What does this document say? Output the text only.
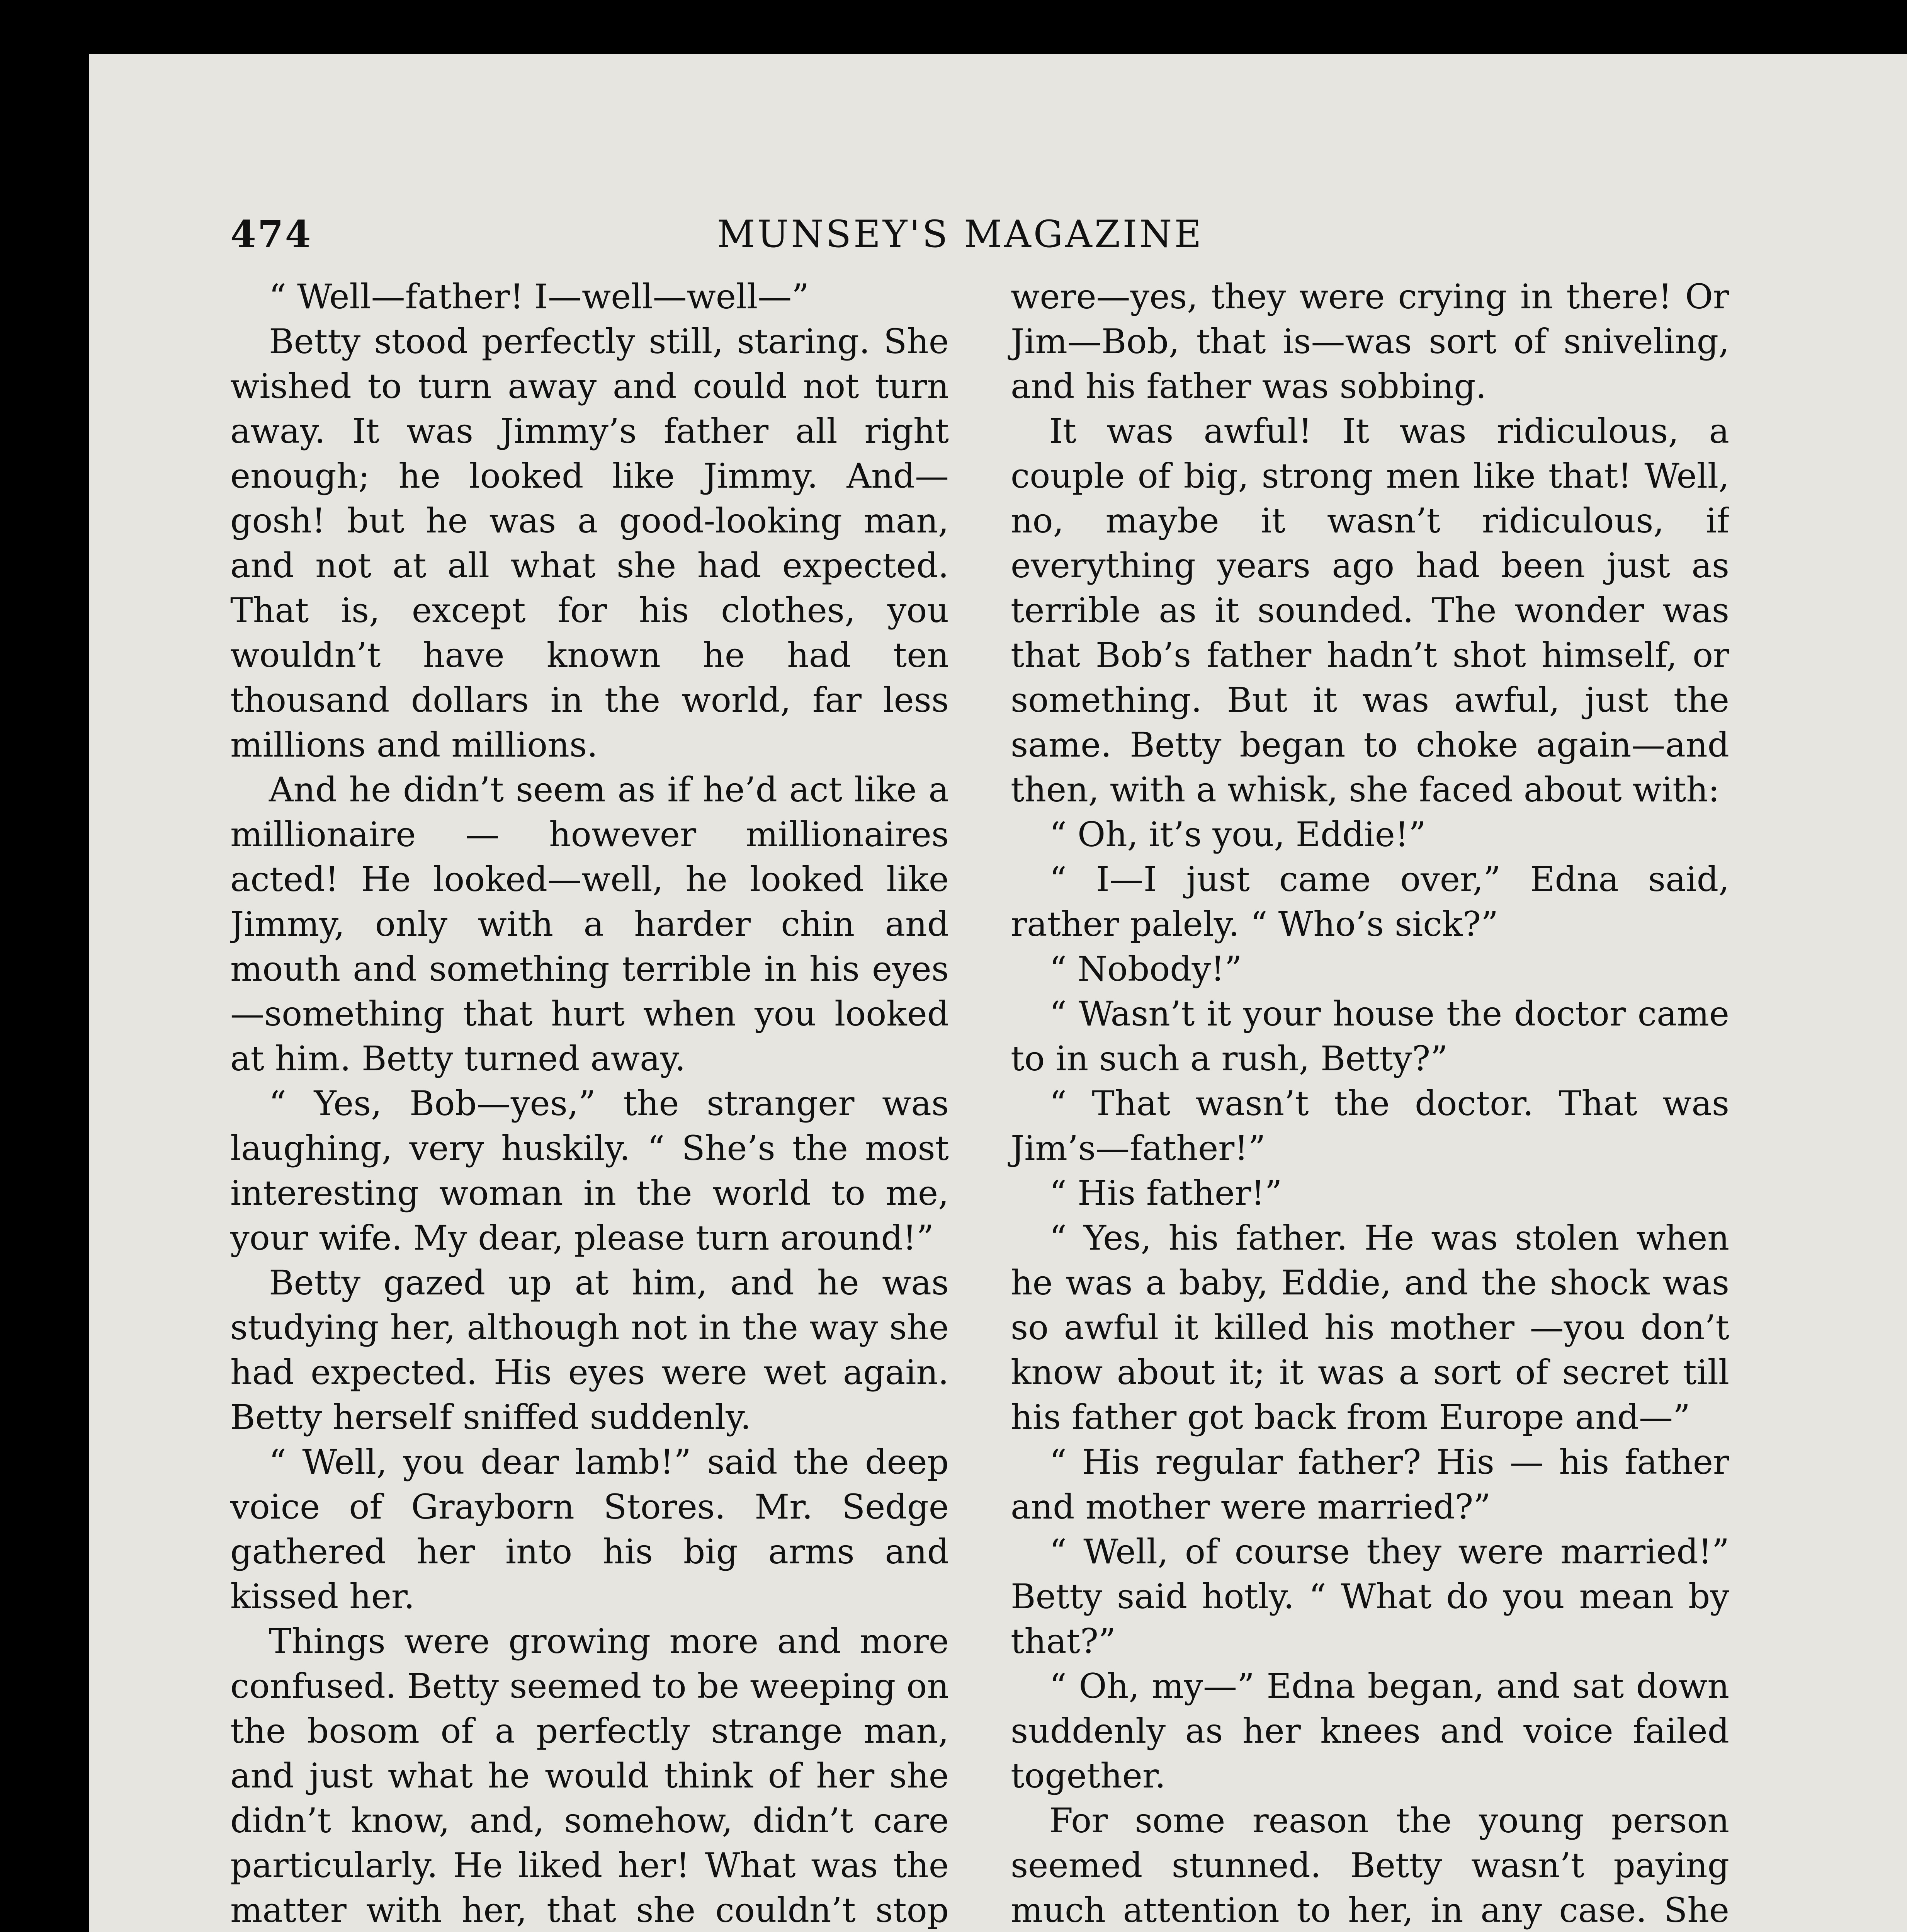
474	MUNSEY'S MAGAZINE

“ Well—father! I—well—well—”

Betty stood perfectly still, staring. She wished to turn away and could not turn away. It was Jimmy’s father all right enough; he looked like Jimmy. And—gosh! but he was a good-looking man, and not at all what she had expected. That is, except for his clothes, you wouldn’t have known he had ten thousand dollars in the world, far less millions and millions.

And he didn’t seem as if he’d act like a millionaire — however millionaires acted! He looked—well, he looked like Jimmy, only with a harder chin and mouth and something terrible in his eyes—something that hurt when you looked at him. Betty turned away.

“ Yes, Bob—yes,” the stranger was laughing, very huskily. “ She’s the most interesting woman in the world to me, your wife. My dear, please turn around!”

Betty gazed up at him, and he was studying her, although not in the way she had expected. His eyes were wet again. Betty herself sniffed suddenly.

“ Well, you dear lamb!” said the deep voice of Grayborn Stores. Mr. Sedge gathered her into his big arms and kissed her.

Things were growing more and more confused. Betty seemed to be weeping on the bosom of a perfectly strange man, and just what he would think of her she didn’t know, and, somehow, didn’t care particularly. He liked her! What was the matter with her, that she couldn’t stop

were—yes, they were crying in there! Or Jim—Bob, that is—was sort of sniveling, and his father was sobbing.

It was awful! It was ridiculous, a couple of big, strong men like that! Well, no, maybe it wasn’t ridiculous, if everything years ago had been just as terrible as it sounded. The wonder was that Bob’s father hadn’t shot himself, or something. But it was awful, just the same. Betty began to choke again—and then, with a whisk, she faced about with:

“ Oh, it’s you, Eddie!”

“ I—I just came over,” Edna said, rather palely. “ Who’s sick?”

“ Nobody!”

“ Wasn’t it your house the doctor came to in such a rush, Betty?”

“ That wasn’t the doctor. That was Jim’s—father!”

“ His father!”

“ Yes, his father. He was stolen when he was a baby, Eddie, and the shock was so awful it killed his mother —you don’t know about it; it was a sort of secret till his father got back from Europe and—”

“ His regular father? His — his father and mother were married?”

“ Well, of course they were married!” Betty said hotly. “ What do you mean by that?”

“ Oh, my—” Edna began, and sat down suddenly as her knees and voice failed together.

For some reason the young person seemed stunned. Betty wasn’t paying much attention to her, in any case. She
